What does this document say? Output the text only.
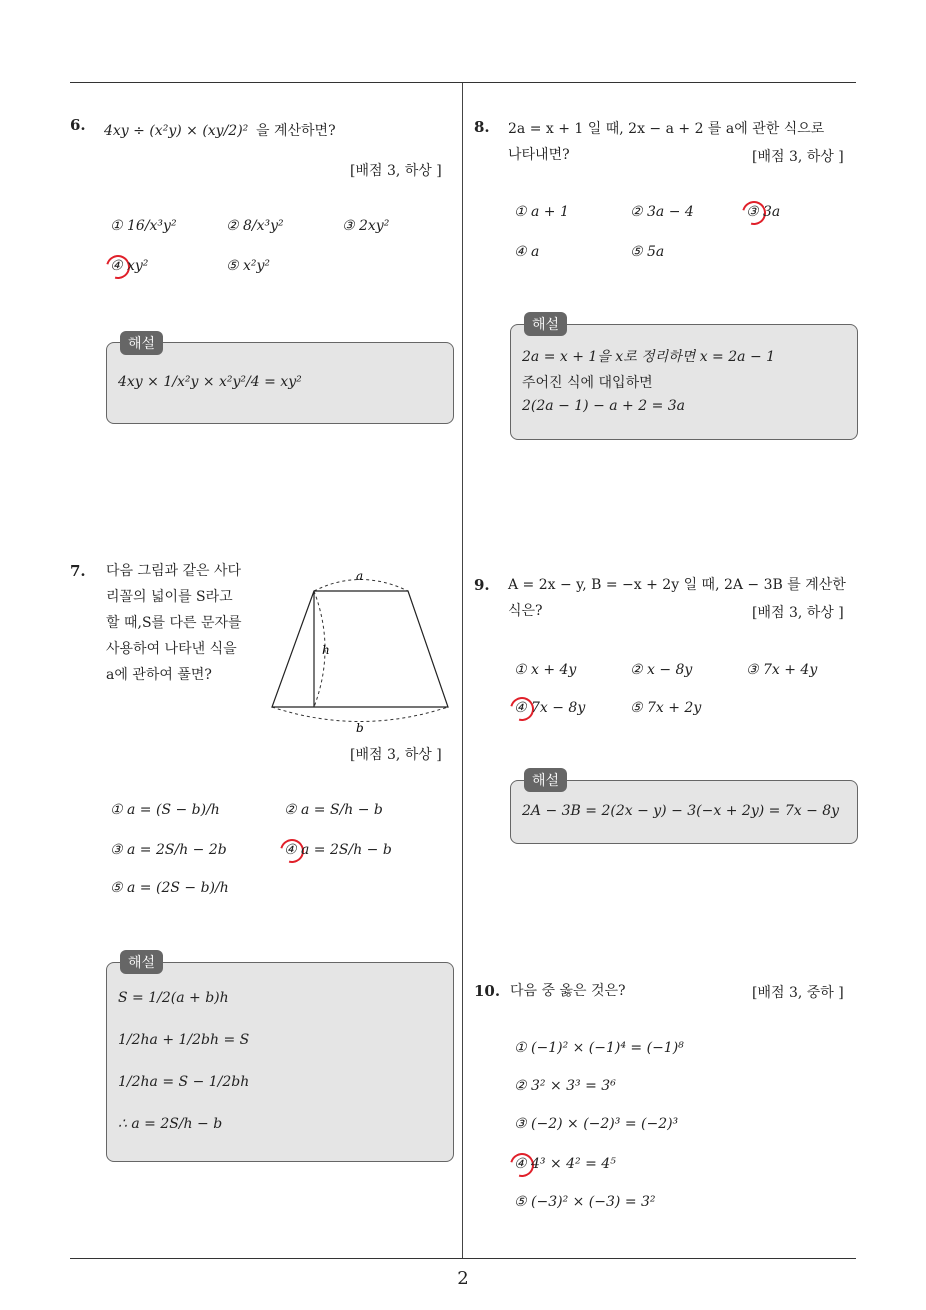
6. 4xy ÷ (x²y) × (xy/2)² 을 계산하면?
[배점 3, 하상 ]
① 16/x³y²	② 8/x³y²	③ 2xy²
④ xy²	⑤ x²y²
해설
4xy × 1/x²y × x²y²/4 = xy²
7. 다음 그림과 같은 사다
리꼴의 넓이를 S라고
할 때,S를 다른 문자를
사용하여 나타낸 식을
a에 관하여 풀면?
a
h
b
[배점 3, 하상 ]
① a = (S − b)/h	② a = S/h − b
③ a = 2S/h − 2b	④ a = 2S/h − b
⑤ a = (2S − b)/h
해설
S = 1/2(a + b)h
1/2ha + 1/2bh = S
1/2ha = S − 1/2bh
∴ a = 2S/h − b
8. 2a = x + 1 일 때, 2x − a + 2 를 a에 관한 식으로
나타내면?	[배점 3, 하상 ]
① a + 1	② 3a − 4	③ 3a
④ a	⑤ 5a
해설
2a = x + 1을 x로 정리하면 x = 2a − 1
주어진 식에 대입하면
2(2a − 1) − a + 2 = 3a
9. A = 2x − y, B = −x + 2y 일 때, 2A − 3B 를 계산한
식은?	[배점 3, 하상 ]
① x + 4y	② x − 8y	③ 7x + 4y
④ 7x − 8y	⑤ 7x + 2y
해설
2A − 3B = 2(2x − y) − 3(−x + 2y) = 7x − 8y
10. 다음 중 옳은 것은?	[배점 3, 중하 ]
① (−1)² × (−1)⁴ = (−1)⁸
② 3² × 3³ = 3⁶
③ (−2) × (−2)³ = (−2)³
④ 4³ × 4² = 4⁵
⑤ (−3)² × (−3) = 3²
2
